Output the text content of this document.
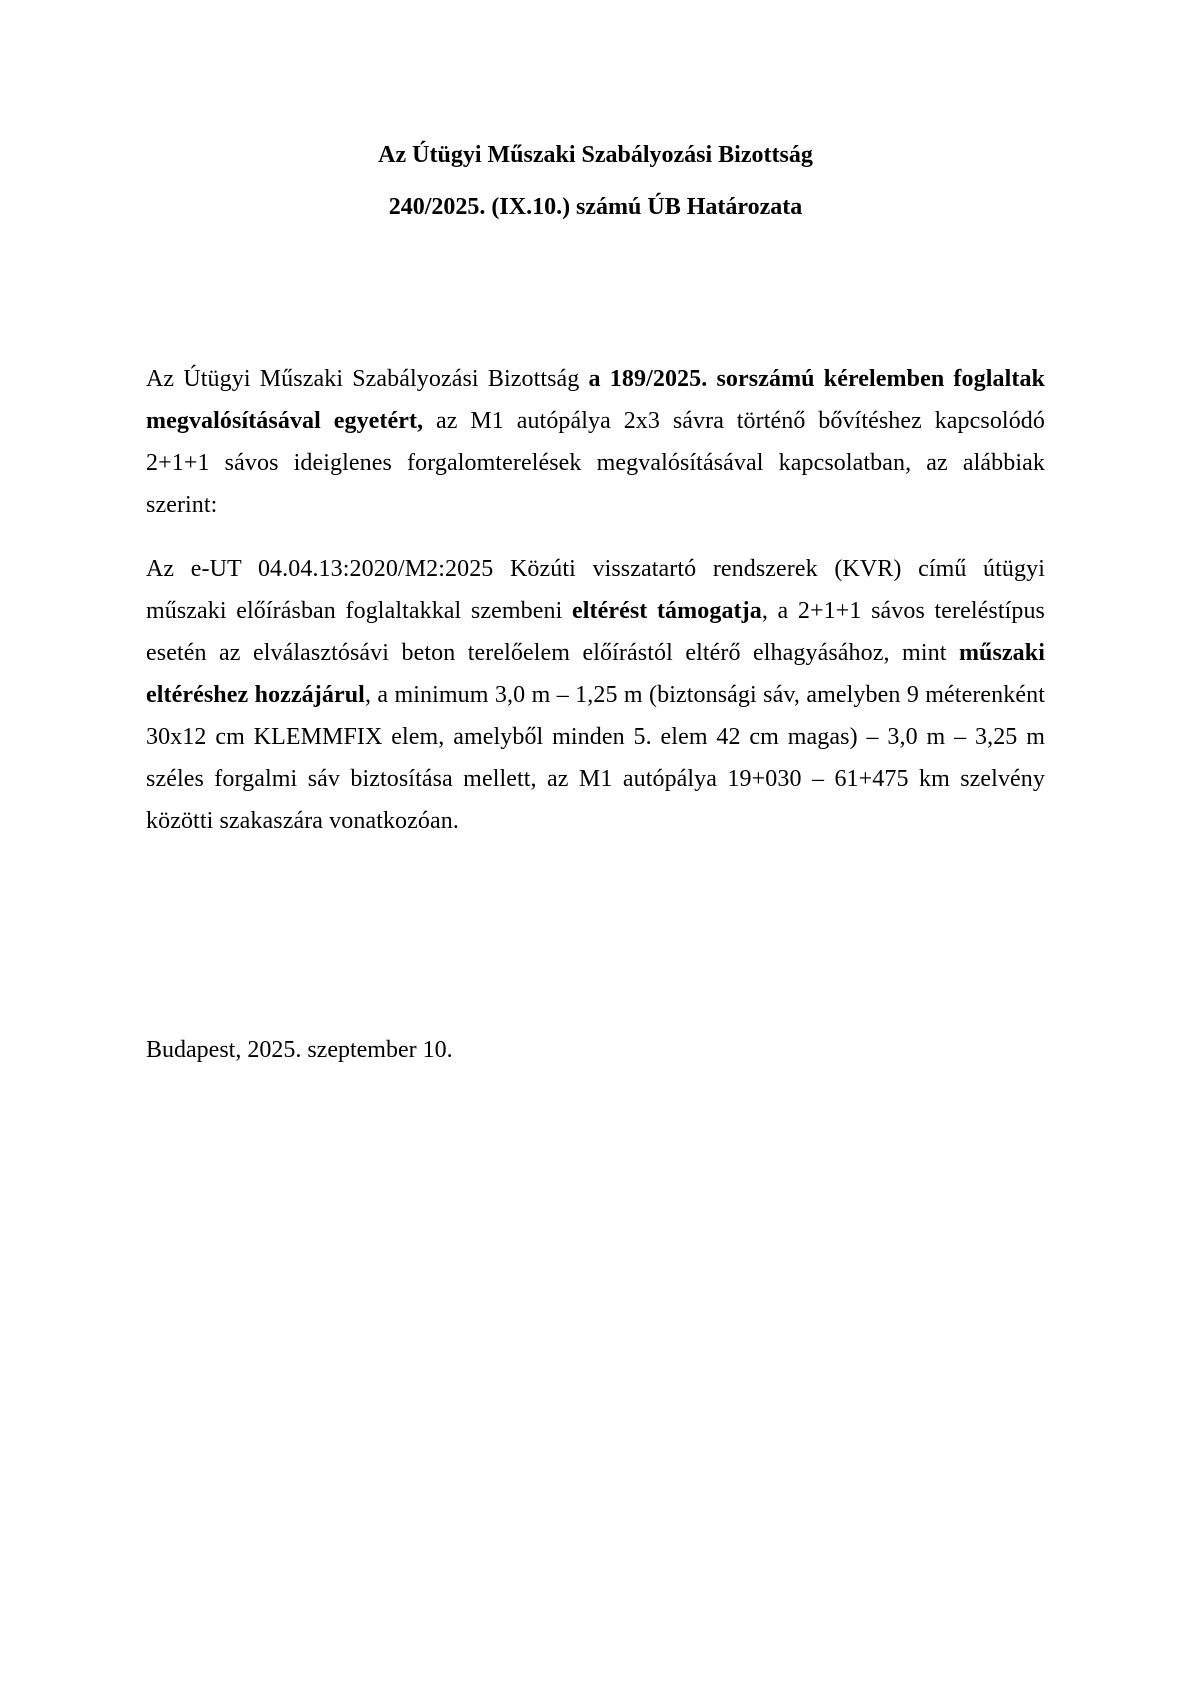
Az Útügyi Műszaki Szabályozási Bizottság

240/2025. (IX.10.) számú ÚB Határozata

Az Útügyi Műszaki Szabályozási Bizottság a 189/2025. sorszámú kérelemben foglaltak megvalósításával egyetért, az M1 autópálya 2x3 sávra történő bővítéshez kapcsolódó 2+1+1 sávos ideiglenes forgalomterelések megvalósításával kapcsolatban, az alábbiak szerint:

Az e-UT 04.04.13:2020/M2:2025 Közúti visszatartó rendszerek (KVR) című útügyi műszaki előírásban foglaltakkal szembeni eltérést támogatja, a 2+1+1 sávos tereléstípus esetén az elválasztósávi beton terelőelem előírástól eltérő elhagyásához, mint műszaki eltéréshez hozzájárul, a minimum 3,0 m – 1,25 m (biztonsági sáv, amelyben 9 méterenként 30x12 cm KLEMMFIX elem, amelyből minden 5. elem 42 cm magas) – 3,0 m – 3,25 m széles forgalmi sáv biztosítása mellett, az M1 autópálya 19+030 – 61+475 km szelvény közötti szakaszára vonatkozóan.

Budapest, 2025. szeptember 10.
